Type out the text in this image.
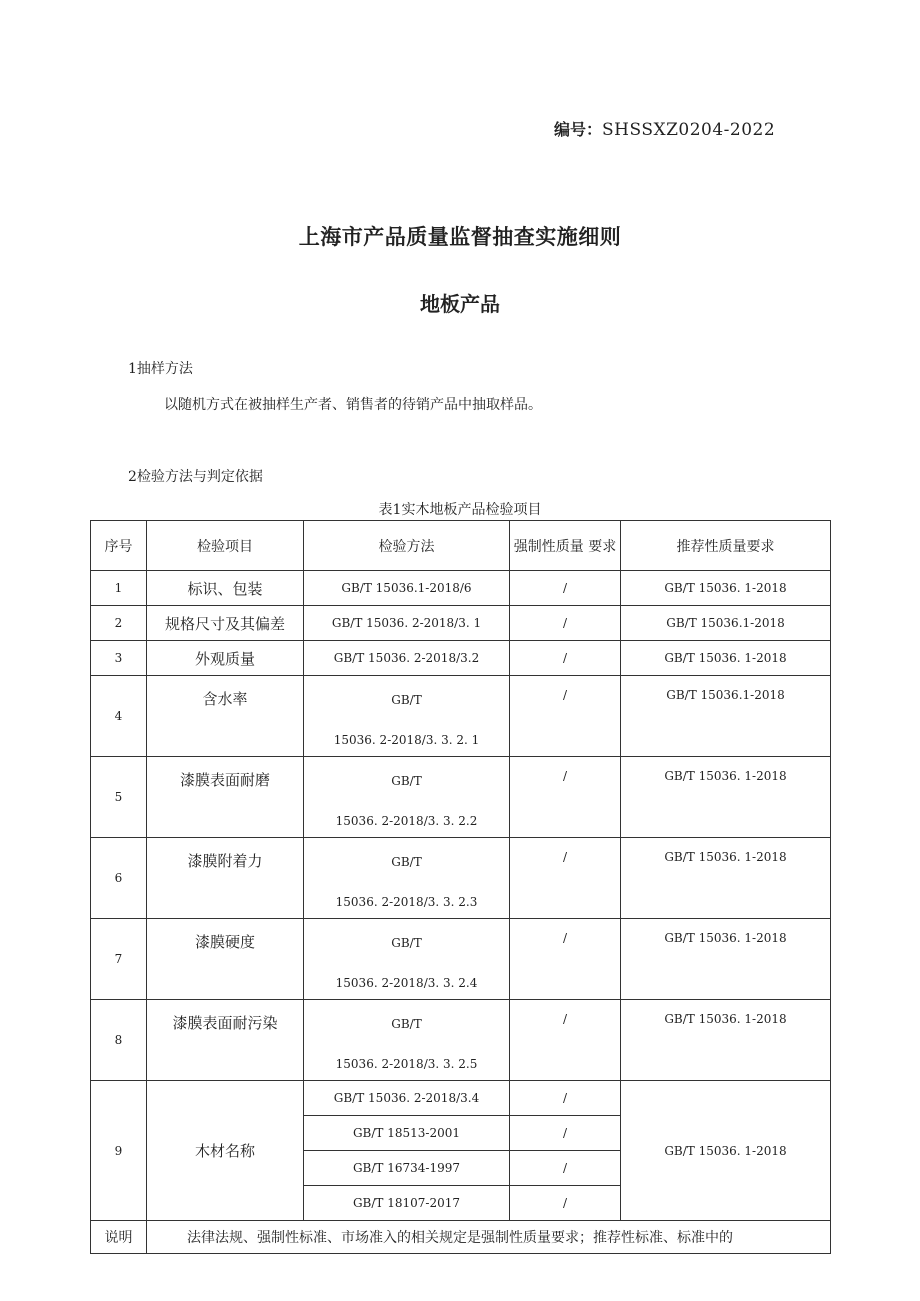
编号：SHSSXZ0204-2022
上海市产品质量监督抽查实施细则
地板产品
1抽样方法
以随机方式在被抽样生产者、销售者的待销产品中抽取样品。
2检验方法与判定依据
表1实木地板产品检验项目
序号	检验项目	检验方法	强制性质量 要求	推荐性质量要求
1	标识、包装	GB/T 15036.1-2018/6	/	GB/T 15036. 1-2018
2	规格尺寸及其偏差	GB/T 15036. 2-2018/3. 1	/	GB/T 15036.1-2018
3	外观质量	GB/T 15036. 2-2018/3.2	/	GB/T 15036. 1-2018
4	含水率	GB/T
15036. 2-2018/3. 3. 2. 1	/	GB/T 15036.1-2018
5	漆膜表面耐磨	GB/T
15036. 2-2018/3. 3. 2.2	/	GB/T 15036. 1-2018
6	漆膜附着力	GB/T
15036. 2-2018/3. 3. 2.3	/	GB/T 15036. 1-2018
7	漆膜硬度	GB/T
15036. 2-2018/3. 3. 2.4	/	GB/T 15036. 1-2018
8	漆膜表面耐污染	GB/T
15036. 2-2018/3. 3. 2.5	/	GB/T 15036. 1-2018
9	木材名称	GB/T 15036. 2-2018/3.4	/	GB/T 15036. 1-2018
		GB/T 18513-2001	/	
		GB/T 16734-1997	/	
		GB/T 18107-2017	/	
说明	法律法规、强制性标准、市场准入的相关规定是强制性质量要求；推荐性标准、标准中的			
